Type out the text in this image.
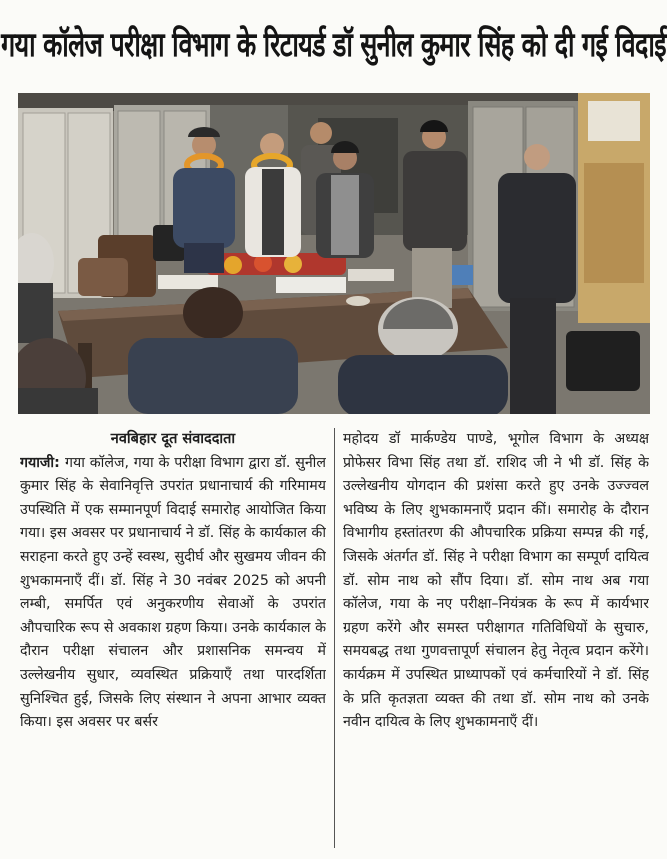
गया कॉलेज परीक्षा विभाग के रिटायर्ड डॉ सुनील कुमार सिंह को दी गई विदाई
नवबिहार दूत संवाददाता
गयाजी: गया कॉलेज, गया के परीक्षा विभाग द्वारा डॉ. सुनील कुमार सिंह के सेवानिवृत्ति उपरांत प्रधानाचार्य की गरिमामय उपस्थिति में एक सम्मानपूर्ण विदाई समारोह आयोजित किया गया। इस अवसर पर प्रधानाचार्य ने डॉ. सिंह के कार्यकाल की सराहना करते हुए उन्हें स्वस्थ, सुदीर्घ और सुखमय जीवन की शुभकामनाएँ दीं। डॉ. सिंह ने 30 नवंबर 2025 को अपनी लम्बी, समर्पित एवं अनुकरणीय सेवाओं के उपरांत औपचारिक रूप से अवकाश ग्रहण किया। उनके कार्यकाल के दौरान परीक्षा संचालन और प्रशासनिक समन्वय में उल्लेखनीय सुधार, व्यवस्थित प्रक्रियाएँ तथा पारदर्शिता सुनिश्चित हुई, जिसके लिए संस्थान ने अपना आभार व्यक्त किया। इस अवसर पर बर्सर
महोदय डॉ मार्कण्डेय पाण्डे, भूगोल विभाग के अध्यक्ष प्रोफेसर विभा सिंह तथा डॉ. राशिद जी ने भी डॉ. सिंह के उल्लेखनीय योगदान की प्रशंसा करते हुए उनके उज्ज्वल भविष्य के लिए शुभकामनाएँ प्रदान कीं। समारोह के दौरान विभागीय हस्तांतरण की औपचारिक प्रक्रिया सम्पन्न की गई, जिसके अंतर्गत डॉ. सिंह ने परीक्षा विभाग का सम्पूर्ण दायित्व डॉ. सोम नाथ को सौंप दिया। डॉ. सोम नाथ अब गया कॉलेज, गया के नए परीक्षा–नियंत्रक के रूप में कार्यभार ग्रहण करेंगे और समस्त परीक्षागत गतिविधियों के सुचारु, समयबद्ध तथा गुणवत्तापूर्ण संचालन हेतु नेतृत्व प्रदान करेंगे। कार्यक्रम में उपस्थित प्राध्यापकों एवं कर्मचारियों ने डॉ. सिंह के प्रति कृतज्ञता व्यक्त की तथा डॉ. सोम नाथ को उनके नवीन दायित्व के लिए शुभकामनाएँ दीं।
